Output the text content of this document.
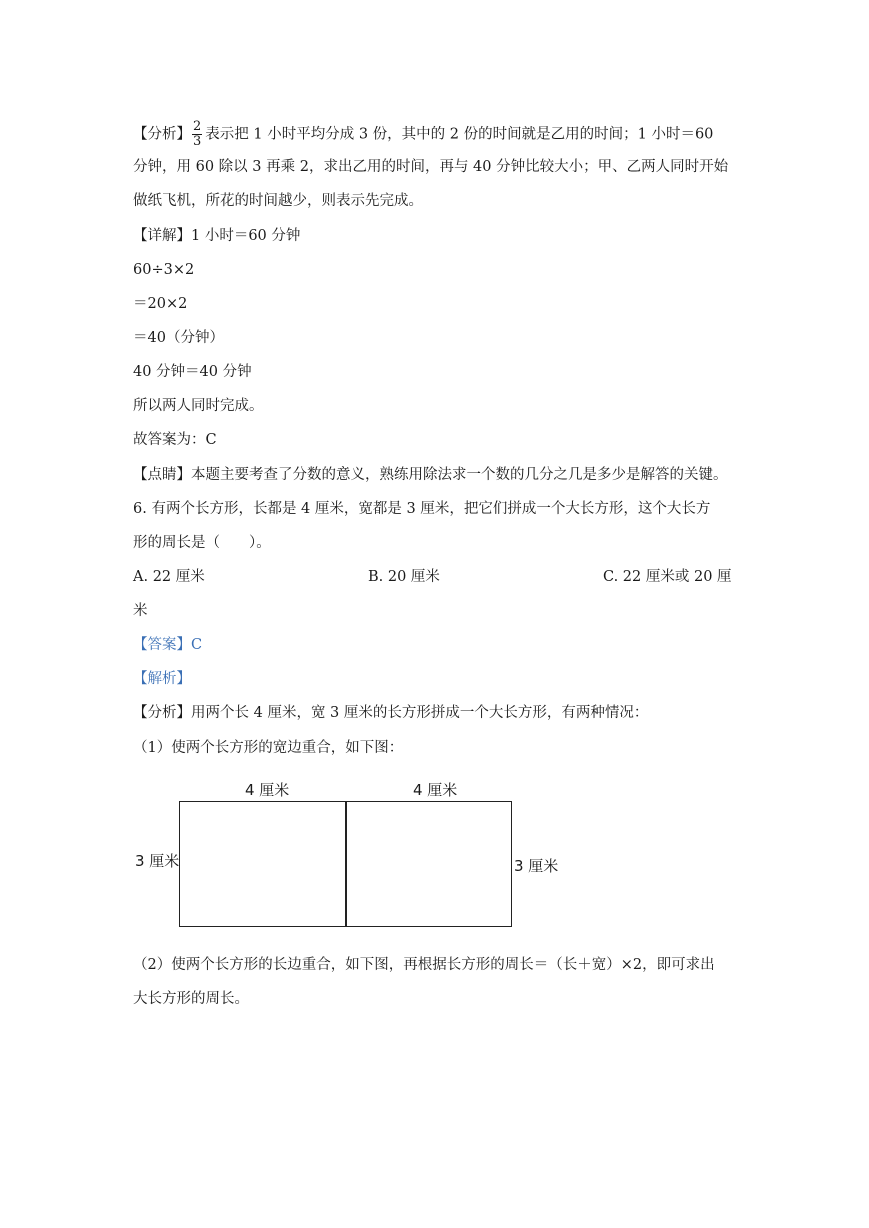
【分析】 $\frac{2}{3}$ 表示把 1 小时平均分成 3 份，其中的 2 份的时间就是乙用的时间；1 小时＝60
分钟，用 60 除以 3 再乘 2，求出乙用的时间，再与 40 分钟比较大小；甲、乙两人同时开始
做纸飞机，所花的时间越少，则表示先完成。
【详解】1 小时＝60 分钟
60÷3×2
＝20×2
＝40（分钟）
40 分钟＝40 分钟
所以两人同时完成。
故答案为：C
【点睛】本题主要考查了分数的意义，熟练用除法求一个数的几分之几是多少是解答的关键。
6. 有两个长方形，长都是 4 厘米，宽都是 3 厘米，把它们拼成一个大长方形，这个大长方
形的周长是（　　）。
A. 22 厘米	B. 20 厘米	C. 22 厘米或 20 厘
米
【答案】C
【解析】
【分析】用两个长 4 厘米，宽 3 厘米的长方形拼成一个大长方形，有两种情况：
（1）使两个长方形的宽边重合，如下图：
4 厘米	4 厘米
3 厘米	3 厘米
（2）使两个长方形的长边重合，如下图，再根据长方形的周长＝（长＋宽）×2，即可求出
大长方形的周长。
